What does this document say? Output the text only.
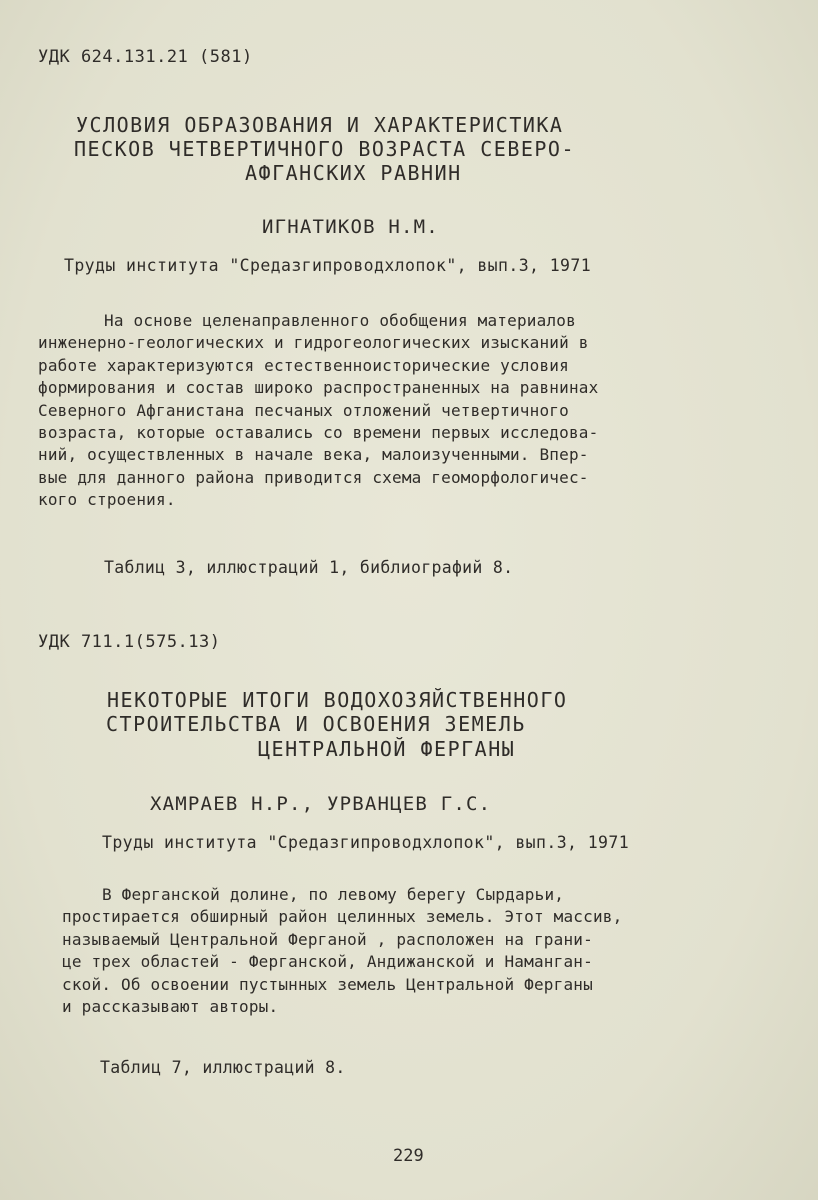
УДК 624.131.21 (581)
УСЛОВИЯ ОБРАЗОВАНИЯ И ХАРАКТЕРИСТИКА
ПЕСКОВ ЧЕТВЕРТИЧНОГО ВОЗРАСТА СЕВЕРО-
АФГАНСКИХ РАВНИН
ИГНАТИКОВ Н.М.
Труды института "Средазгипроводхлопок", вып.3, 1971
На основе целенаправленного обобщения материалов
инженерно-геологических и гидрогеологических изысканий в
работе характеризуются естественноисторические условия
формирования и состав широко распространенных на равнинах
Северного Афганистана песчаных отложений четвертичного
возраста, которые оставались со времени первых исследова-
ний, осуществленных в начале века, малоизученными. Впер-
вые для данного района приводится схема геоморфологичес-
кого строения.
Таблиц 3, иллюстраций 1, библиографий 8.
УДК 711.1(575.13)
НЕКОТОРЫЕ ИТОГИ ВОДОХОЗЯЙСТВЕННОГО
СТРОИТЕЛЬСТВА И ОСВОЕНИЯ ЗЕМЕЛЬ
ЦЕНТРАЛЬНОЙ ФЕРГАНЫ
ХАМРАЕВ Н.Р., УРВАНЦЕВ Г.С.
Труды института "Средазгипроводхлопок", вып.3, 1971
В Ферганской долине, по левому берегу Сырдарьи,
простирается обширный район целинных земель. Этот массив,
называемый Центральной Ферганой , расположен на грани-
це трех областей - Ферганской, Андижанской и Наманган-
ской. Об освоении пустынных земель Центральной Ферганы
и рассказывают авторы.
Таблиц 7, иллюстраций 8.
229
